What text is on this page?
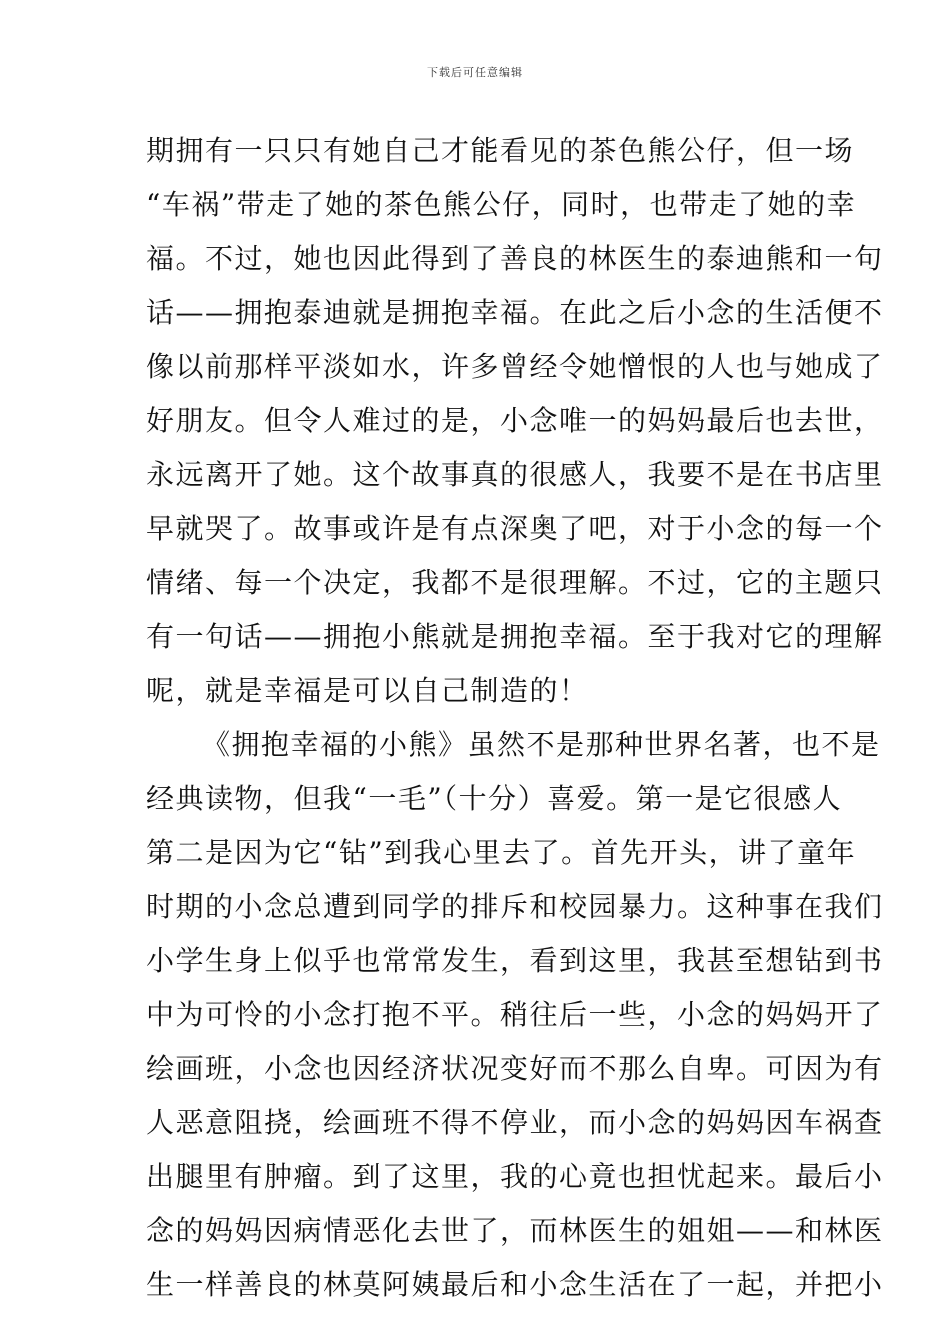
下载后可任意编辑
期拥有一只只有她自己才能看见的茶色熊公仔，但一场
“车祸”带走了她的茶色熊公仔，同时，也带走了她的幸
福。不过，她也因此得到了善良的林医生的泰迪熊和一句
话——拥抱泰迪就是拥抱幸福。在此之后小念的生活便不
像以前那样平淡如水，许多曾经令她憎恨的人也与她成了
好朋友。但令人难过的是，小念唯一的妈妈最后也去世，
永远离开了她。这个故事真的很感人，我要不是在书店里
早就哭了。故事或许是有点深奥了吧，对于小念的每一个
情绪、每一个决定，我都不是很理解。不过，它的主题只
有一句话——拥抱小熊就是拥抱幸福。至于我对它的理解
呢，就是幸福是可以自己制造的！
《拥抱幸福的小熊》虽然不是那种世界名著，也不是
经典读物，但我“一毛”（十分）喜爱。第一是它很感人
第二是因为它“钻”到我心里去了。首先开头，讲了童年
时期的小念总遭到同学的排斥和校园暴力。这种事在我们
小学生身上似乎也常常发生，看到这里，我甚至想钻到书
中为可怜的小念打抱不平。稍往后一些，小念的妈妈开了
绘画班，小念也因经济状况变好而不那么自卑。可因为有
人恶意阻挠，绘画班不得不停业，而小念的妈妈因车祸查
出腿里有肿瘤。到了这里，我的心竟也担忧起来。最后小
念的妈妈因病情恶化去世了，而林医生的姐姐——和林医
生一样善良的林莫阿姨最后和小念生活在了一起，并把小
